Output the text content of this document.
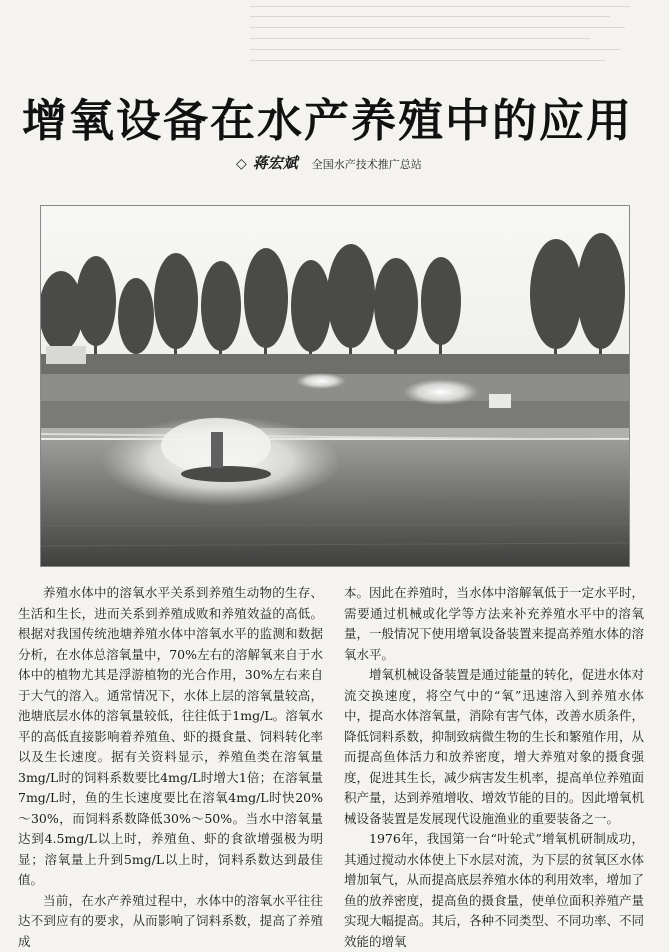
增氧设备在水产养殖中的应用
◇ 蒋宏斌 全国水产技术推广总站

养殖水体中的溶氧水平关系到养殖生动物的生存、生活和生长，进而关系到养殖成败和养殖效益的高低。根据对我国传统池塘养殖水体中溶氧水平的监测和数据分析，在水体总溶氧量中，70%左右的溶解氧来自于水体中的植物尤其是浮游植物的光合作用，30%左右来自于大气的溶入。通常情况下，水体上层的溶氧量较高，池塘底层水体的溶氧量较低，往往低于1mg/L。溶氧水平的高低直接影响着养殖鱼、虾的摄食量、饲料转化率以及生长速度。据有关资料显示，养殖鱼类在溶氧量3mg/L时的饲料系数要比4mg/L时增大1倍；在溶氧量7mg/L时，鱼的生长速度要比在溶氧4mg/L时快20%～30%，而饲料系数降低30%～50%。当水中溶氧量达到4.5mg/L以上时，养殖鱼、虾的食欲增强极为明显；溶氧量上升到5mg/L以上时，饲料系数达到最佳值。

当前，在水产养殖过程中，水体中的溶氧水平往往达不到应有的要求，从而影响了饲料系数，提高了养殖成

本。因此在养殖时，当水体中溶解氧低于一定水平时，需要通过机械或化学等方法来补充养殖水平中的溶氧量，一般情况下使用增氧设备装置来提高养殖水体的溶氧水平。

增氧机械设备装置是通过能量的转化，促进水体对流交换速度，将空气中的“氧”迅速溶入到养殖水体中，提高水体溶氧量，消除有害气体，改善水质条件，降低饲料系数，抑制致病微生物的生长和繁殖作用，从而提高鱼体活力和放养密度，增大养殖对象的摄食强度，促进其生长，减少病害发生机率，提高单位养殖面积产量，达到养殖增收、增效节能的目的。因此增氧机械设备装置是发展现代设施渔业的重要装备之一。

1976年，我国第一台“叶轮式”增氧机研制成功，其通过搅动水体使上下水层对流，为下层的贫氧区水体增加氧气，从而提高底层养殖水体的利用效率，增加了鱼的放养密度，提高鱼的摄食量，使单位面积养殖产量实现大幅提高。其后，各种不同类型、不同功率、不同效能的增氧
